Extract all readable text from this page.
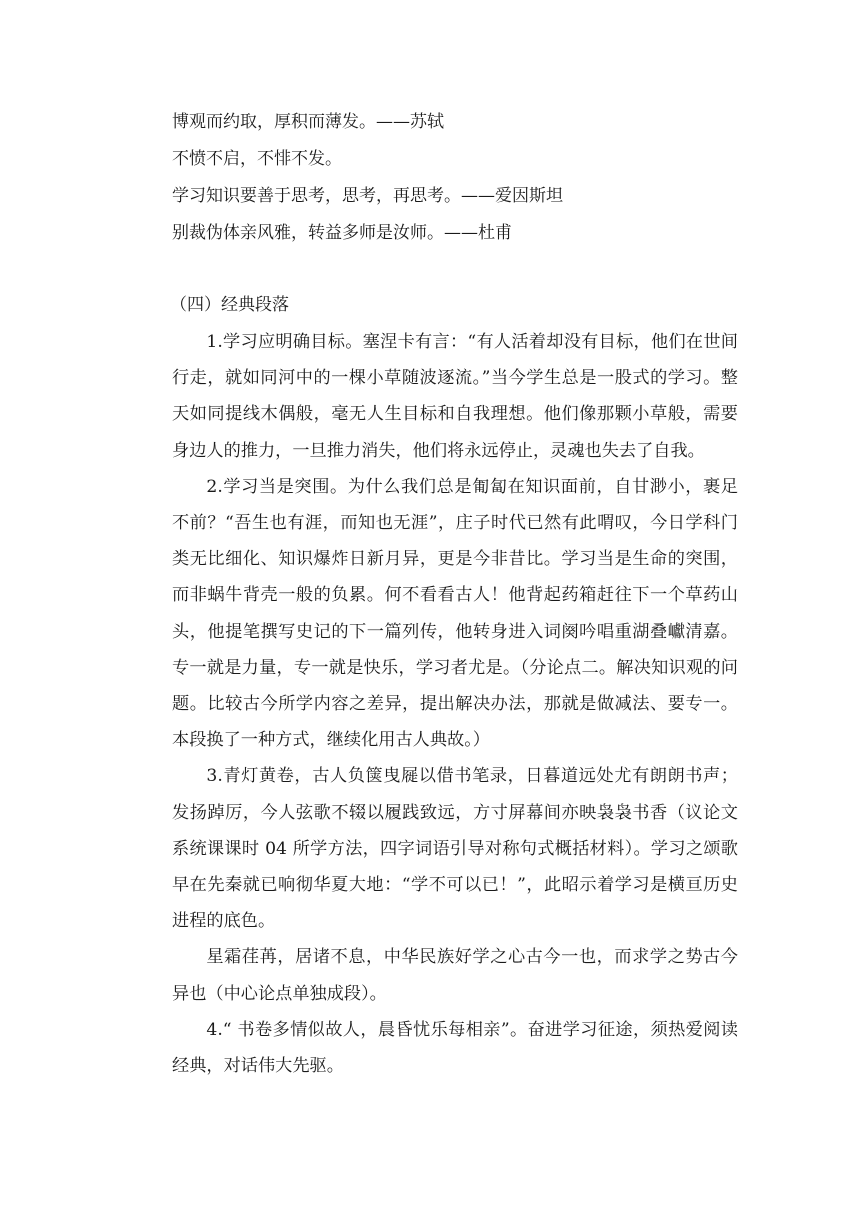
博观而约取，厚积而薄发。——苏轼
不愤不启，不悱不发。
学习知识要善于思考，思考，再思考。——爱因斯坦
别裁伪体亲风雅，转益多师是汝师。——杜甫
（四）经典段落

1.学习应明确目标。塞涅卡有言：“有人活着却没有目标，他们在世间行走，就如同河中的一棵小草随波逐流。”当今学生总是一股式的学习。整天如同提线木偶般，毫无人生目标和自我理想。他们像那颗小草般，需要身边人的推力，一旦推力消失，他们将永远停止，灵魂也失去了自我。

2.学习当是突围。为什么我们总是匍匐在知识面前，自甘渺小，裹足不前？“吾生也有涯，而知也无涯”，庄子时代已然有此喟叹，今日学科门类无比细化、知识爆炸日新月异，更是今非昔比。学习当是生命的突围，而非蜗牛背壳一般的负累。何不看看古人！他背起药箱赶往下一个草药山头，他提笔撰写史记的下一篇列传，他转身进入词阕吟唱重湖叠巘清嘉。专一就是力量，专一就是快乐，学习者尤是。（分论点二。解决知识观的问题。比较古今所学内容之差异，提出解决办法，那就是做减法、要专一。本段换了一种方式，继续化用古人典故。）

3.青灯黄卷，古人负箧曳屣以借书笔录，日暮道远处尤有朗朗书声；发扬踔厉，今人弦歌不辍以履践致远，方寸屏幕间亦映袅袅书香（议论文系统课课时 04 所学方法，四字词语引导对称句式概括材料）。学习之颂歌早在先秦就已响彻华夏大地：“学不可以已！”，此昭示着学习是横亘历史进程的底色。

星霜荏苒，居诸不息，中华民族好学之心古今一也，而求学之势古今异也（中心论点单独成段）。

4.“ 书卷多情似故人，晨昏忧乐每相亲”。奋进学习征途，须热爱阅读经典，对话伟大先驱。
